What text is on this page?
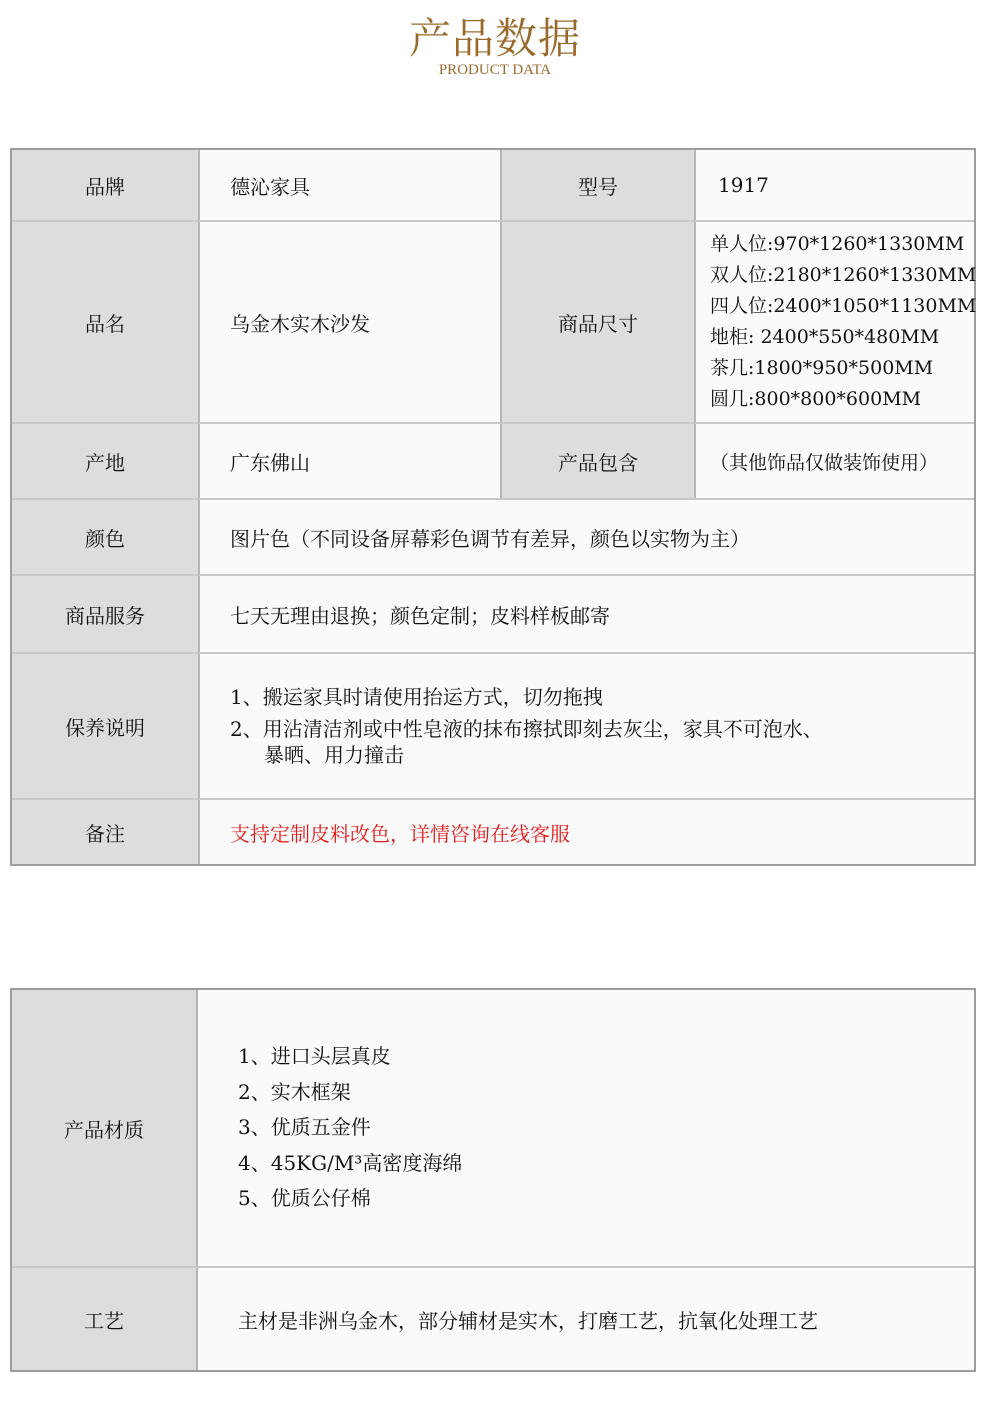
产品数据
PRODUCT DATA
品牌	德沁家具	型号	1917
品名	乌金木实木沙发	商品尺寸
单人位:970*1260*1330MM
双人位:2180*1260*1330MM
四人位:2400*1050*1130MM
地柜: 2400*550*480MM
茶几:1800*950*500MM
圆几:800*800*600MM
产地	广东佛山	产品包含	（其他饰品仅做装饰使用）
颜色	图片色（不同设备屏幕彩色调节有差异，颜色以实物为主）
商品服务	七天无理由退换；颜色定制；皮料样板邮寄
保养说明
1、搬运家具时请使用抬运方式，切勿拖拽
2、用沾清洁剂或中性皂液的抹布擦拭即刻去灰尘，家具不可泡水、
暴晒、用力撞击
备注	支持定制皮料改色，详情咨询在线客服
产品材质
1、进口头层真皮
2、实木框架
3、优质五金件
4、45KG/M³高密度海绵
5、优质公仔棉
工艺	主材是非洲乌金木，部分辅材是实木，打磨工艺，抗氧化处理工艺
